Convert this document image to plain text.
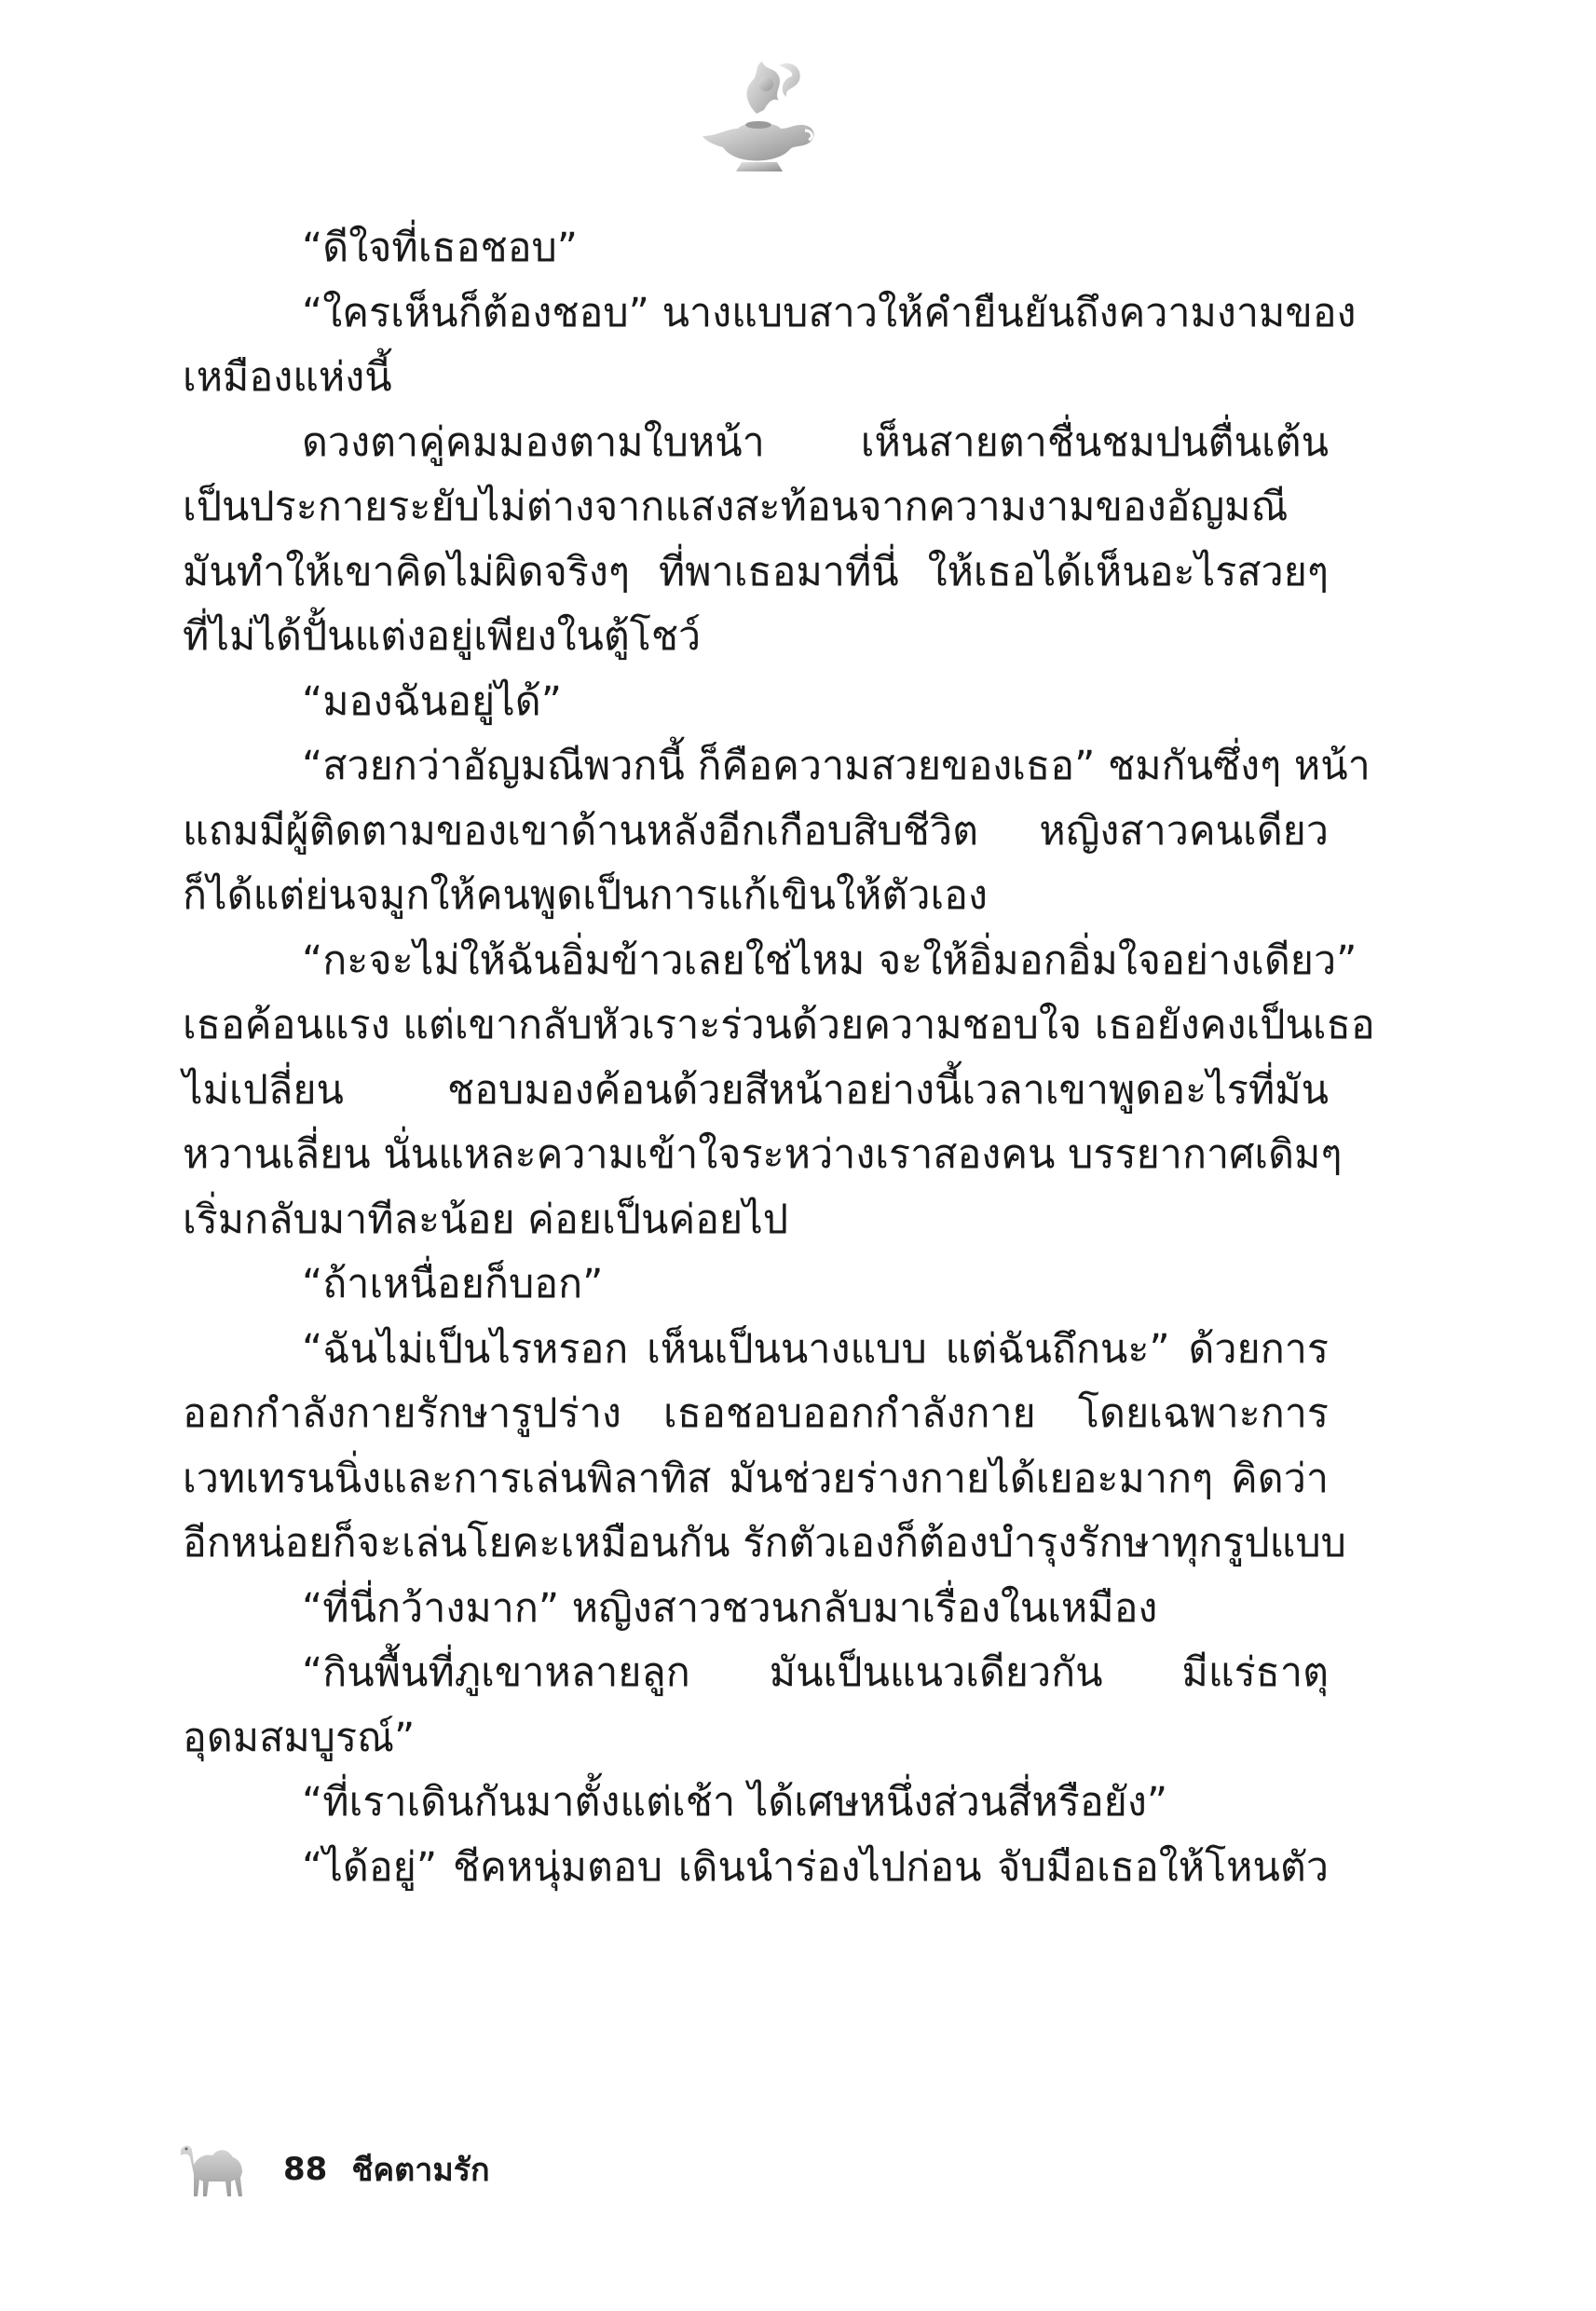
“ดีใจที่เธอชอบ”
“ใครเห็นก็ต้องชอบ” นางแบบสาวให้คำยืนยันถึงความงามของ
เหมืองแห่งนี้
ดวงตาคู่คมมองตามใบหน้า เห็นสายตาชื่นชมปนตื่นเต้น
เป็นประกายระยับไม่ต่างจากแสงสะท้อนจากความงามของอัญมณี
มันทำให้เขาคิดไม่ผิดจริงๆ ที่พาเธอมาที่นี่ ให้เธอได้เห็นอะไรสวยๆ
ที่ไม่ได้ปั้นแต่งอยู่เพียงในตู้โชว์
“มองฉันอยู่ได้”
“สวยกว่าอัญมณีพวกนี้ ก็คือความสวยของเธอ” ชมกันซึ่งๆ หน้า
แถมมีผู้ติดตามของเขาด้านหลังอีกเกือบสิบชีวิต หญิงสาวคนเดียว
ก็ได้แต่ย่นจมูกให้คนพูดเป็นการแก้เขินให้ตัวเอง
“กะจะไม่ให้ฉันอิ่มข้าวเลยใช่ไหม จะให้อิ่มอกอิ่มใจอย่างเดียว”
เธอค้อนแรง แต่เขากลับหัวเราะร่วนด้วยความชอบใจ เธอยังคงเป็นเธอ
ไม่เปลี่ยน ชอบมองค้อนด้วยสีหน้าอย่างนี้เวลาเขาพูดอะไรที่มัน
หวานเลี่ยน นั่นแหละความเข้าใจระหว่างเราสองคน บรรยากาศเดิมๆ
เริ่มกลับมาทีละน้อย ค่อยเป็นค่อยไป
“ถ้าเหนื่อยก็บอก”
“ฉันไม่เป็นไรหรอก เห็นเป็นนางแบบ แต่ฉันถึกนะ” ด้วยการ
ออกกำลังกายรักษารูปร่าง เธอชอบออกกำลังกาย โดยเฉพาะการ
เวทเทรนนิ่งและการเล่นพิลาทิส มันช่วยร่างกายได้เยอะมากๆ คิดว่า
อีกหน่อยก็จะเล่นโยคะเหมือนกัน รักตัวเองก็ต้องบำรุงรักษาทุกรูปแบบ
“ที่นี่กว้างมาก” หญิงสาวชวนกลับมาเรื่องในเหมือง
“กินพื้นที่ภูเขาหลายลูก มันเป็นแนวเดียวกัน มีแร่ธาตุ
อุดมสมบูรณ์”
“ที่เราเดินกันมาตั้งแต่เช้า ได้เศษหนึ่งส่วนสี่หรือยัง”
“ได้อยู่” ชีคหนุ่มตอบ เดินนำร่องไปก่อน จับมือเธอให้โหนตัว
88 ชีคตามรัก
